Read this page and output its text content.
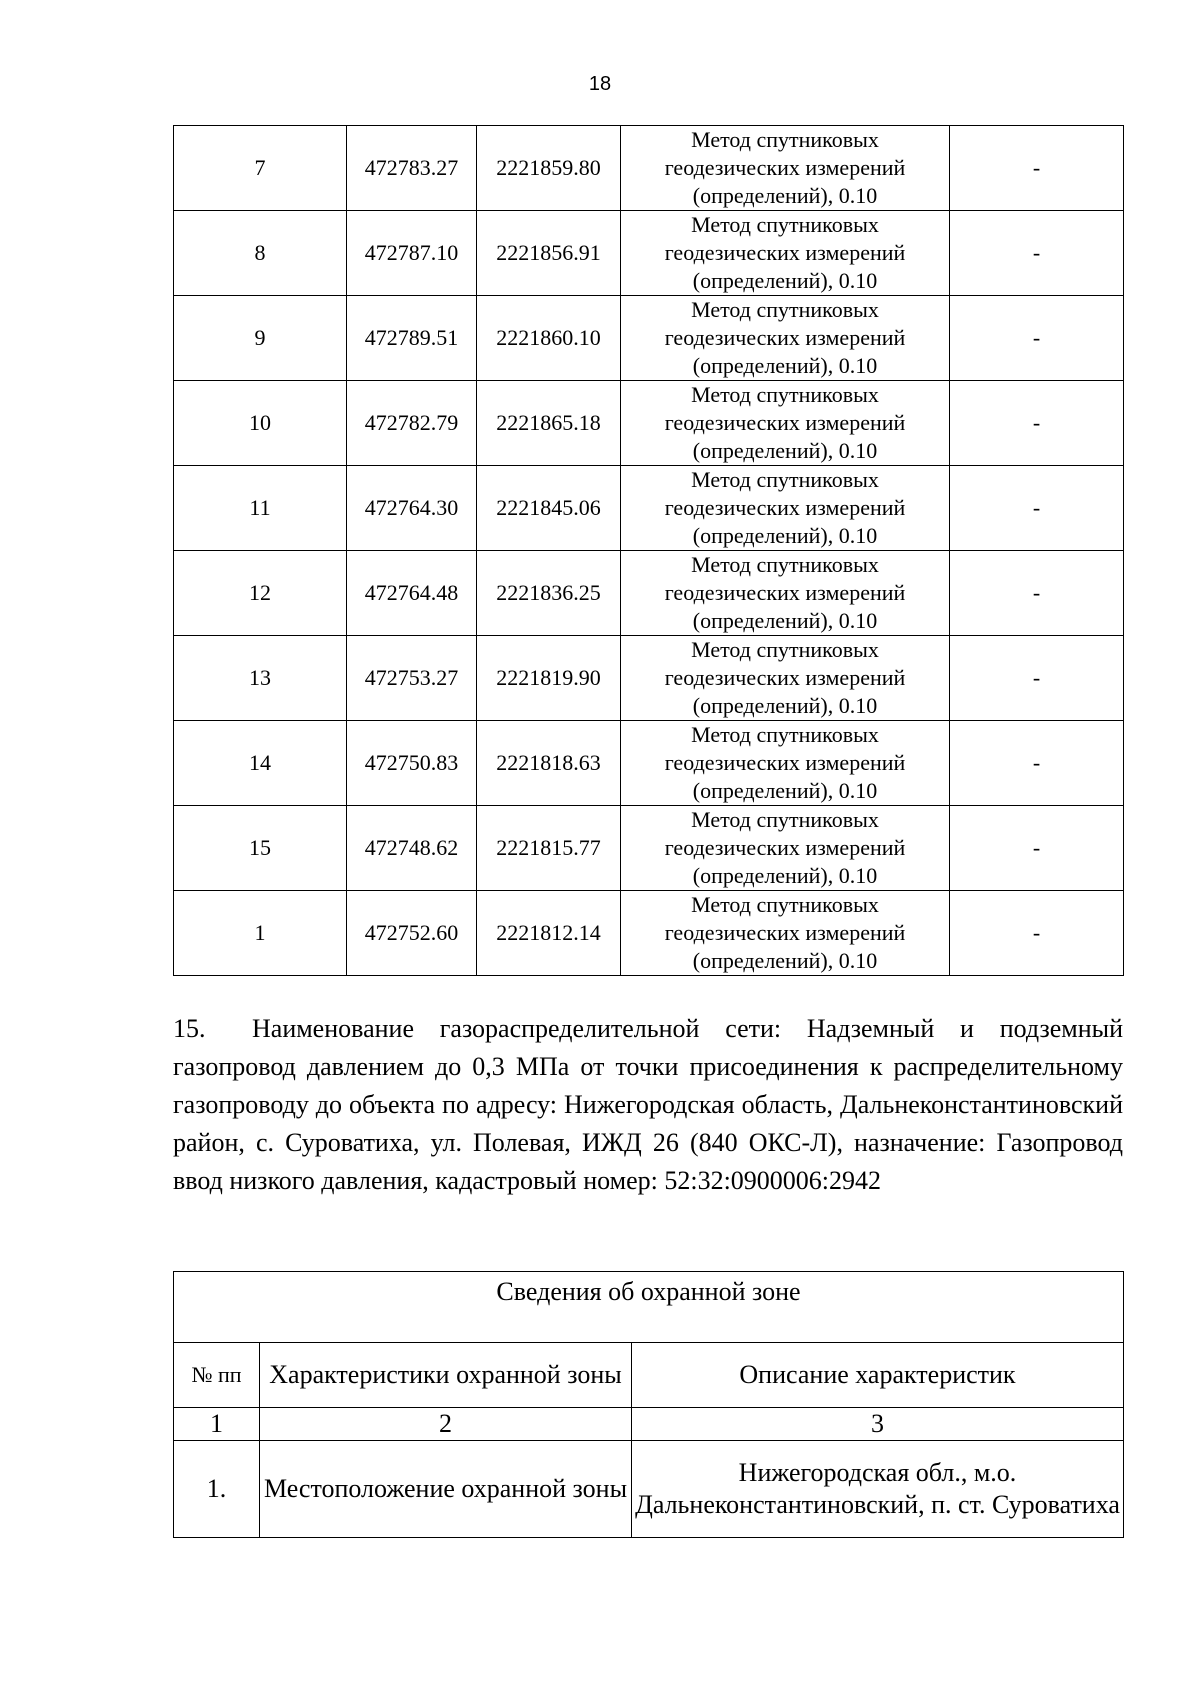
18
7	472783.27	2221859.80	Метод спутниковых
геодезических измерений
(определений), 0.10	-
8	472787.10	2221856.91	Метод спутниковых
геодезических измерений
(определений), 0.10	-
9	472789.51	2221860.10	Метод спутниковых
геодезических измерений
(определений), 0.10	-
10	472782.79	2221865.18	Метод спутниковых
геодезических измерений
(определений), 0.10	-
11	472764.30	2221845.06	Метод спутниковых
геодезических измерений
(определений), 0.10	-
12	472764.48	2221836.25	Метод спутниковых
геодезических измерений
(определений), 0.10	-
13	472753.27	2221819.90	Метод спутниковых
геодезических измерений
(определений), 0.10	-
14	472750.83	2221818.63	Метод спутниковых
геодезических измерений
(определений), 0.10	-
15	472748.62	2221815.77	Метод спутниковых
геодезических измерений
(определений), 0.10	-
1	472752.60	2221812.14	Метод спутниковых
геодезических измерений
(определений), 0.10	-
15. Наименование газораспределительной сети: Надземный и подземный газопровод давлением до 0,3 МПа от точки присоединения к распределительному газопроводу до объекта по адресу: Нижегородская область, Дальнеконстантиновский район, с. Суроватиха, ул. Полевая, ИЖД 26 (840 ОКС-Л), назначение: Газопровод ввод низкого давления, кадастровый номер: 52:32:0900006:2942
Сведения об охранной зоне		
№ пп	Характеристики охранной зоны	Описание характеристик
1	2	3
1.	Местоположение охранной зоны	Нижегородская обл., м.о. Дальнеконстантиновский, п. ст. Суроватиха
